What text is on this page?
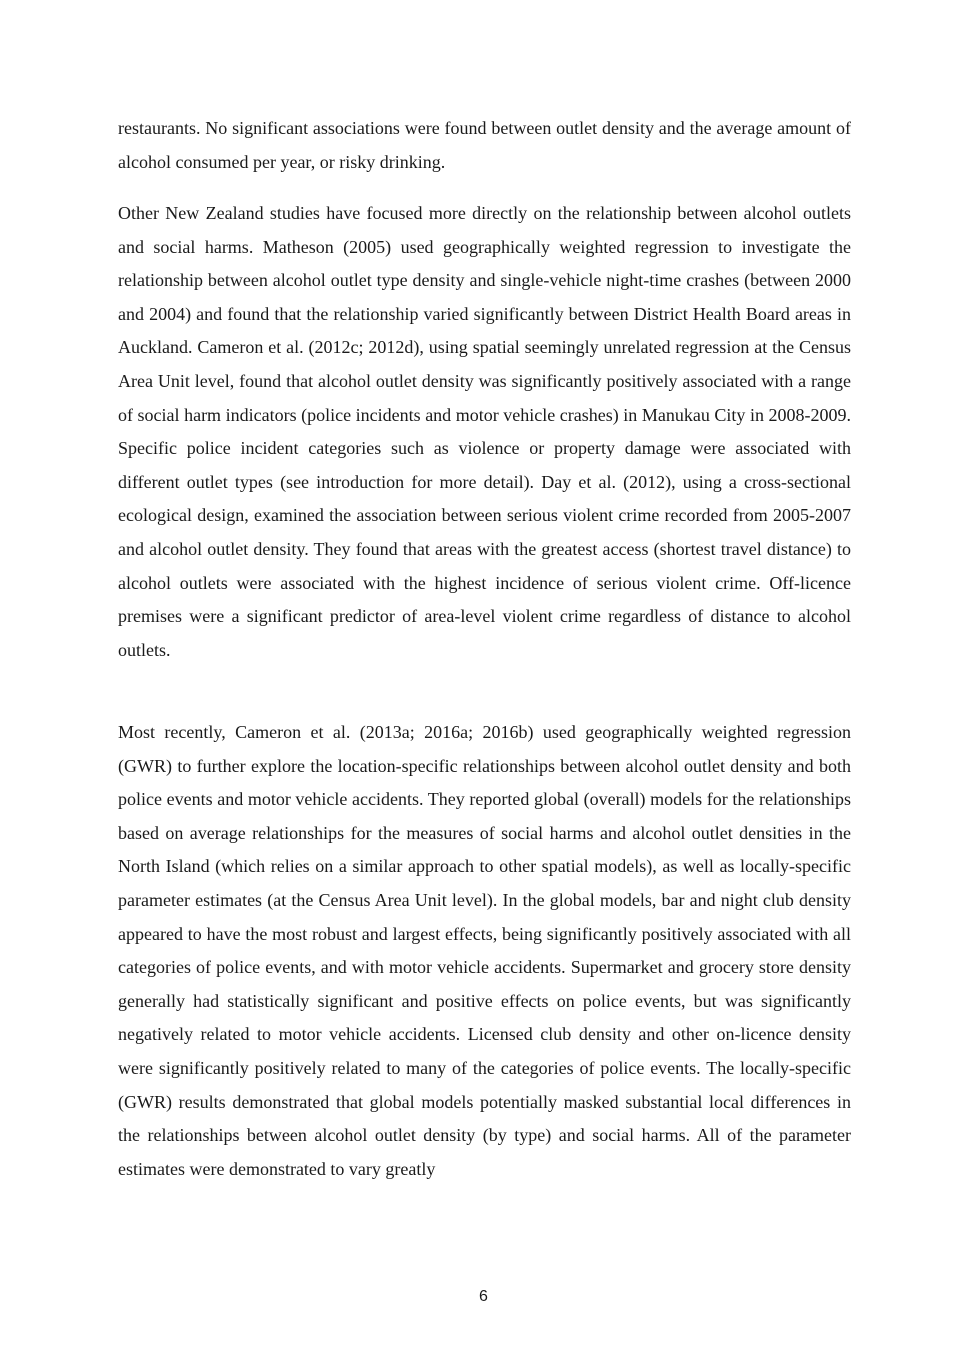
restaurants. No significant associations were found between outlet density and the average amount of alcohol consumed per year, or risky drinking.

Other New Zealand studies have focused more directly on the relationship between alcohol outlets and social harms. Matheson (2005) used geographically weighted regression to investigate the relationship between alcohol outlet type density and single-vehicle night-time crashes (between 2000 and 2004) and found that the relationship varied significantly between District Health Board areas in Auckland. Cameron et al. (2012c; 2012d), using spatial seemingly unrelated regression at the Census Area Unit level, found that alcohol outlet density was significantly positively associated with a range of social harm indicators (police incidents and motor vehicle crashes) in Manukau City in 2008-2009. Specific police incident categories such as violence or property damage were associated with different outlet types (see introduction for more detail). Day et al. (2012), using a cross-sectional ecological design, examined the association between serious violent crime recorded from 2005-2007 and alcohol outlet density. They found that areas with the greatest access (shortest travel distance) to alcohol outlets were associated with the highest incidence of serious violent crime. Off-licence premises were a significant predictor of area-level violent crime regardless of distance to alcohol outlets.

Most recently, Cameron et al. (2013a; 2016a; 2016b) used geographically weighted regression (GWR) to further explore the location-specific relationships between alcohol outlet density and both police events and motor vehicle accidents. They reported global (overall) models for the relationships based on average relationships for the measures of social harms and alcohol outlet densities in the North Island (which relies on a similar approach to other spatial models), as well as locally-specific parameter estimates (at the Census Area Unit level). In the global models, bar and night club density appeared to have the most robust and largest effects, being significantly positively associated with all categories of police events, and with motor vehicle accidents. Supermarket and grocery store density generally had statistically significant and positive effects on police events, but was significantly negatively related to motor vehicle accidents. Licensed club density and other on-licence density were significantly positively related to many of the categories of police events. The locally-specific (GWR) results demonstrated that global models potentially masked substantial local differences in the relationships between alcohol outlet density (by type) and social harms. All of the parameter estimates were demonstrated to vary greatly

6
